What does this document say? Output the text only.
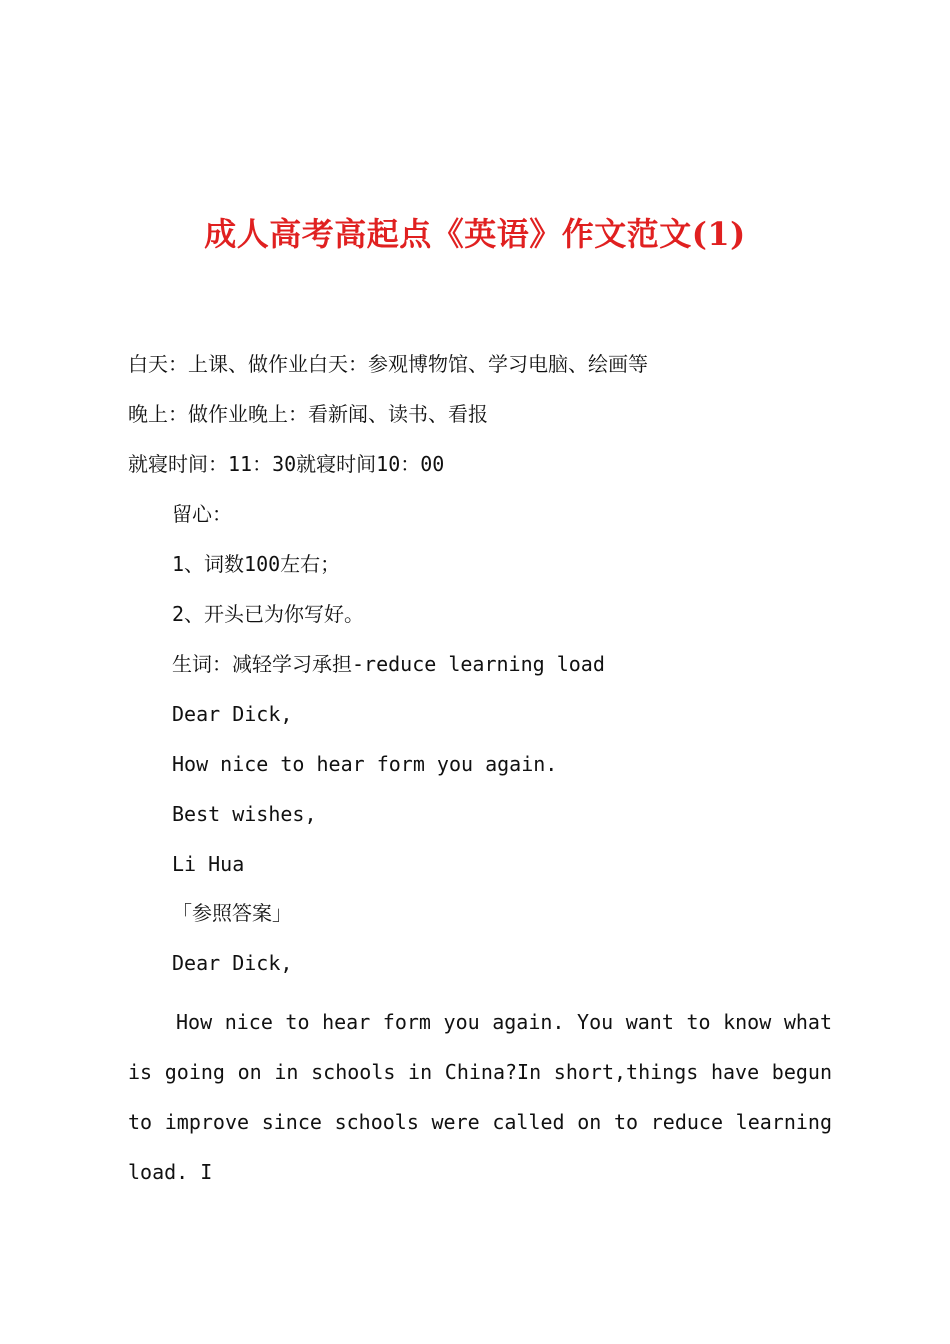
成人高考高起点《英语》作文范文(1)

白天：上课、做作业白天：参观博物馆、学习电脑、绘画等

晚上：做作业晚上：看新闻、读书、看报

就寝时间：11：30就寝时间10：00

留心：

1、词数100左右；

2、开头已为你写好。

生词：减轻学习承担-reduce learning load

Dear Dick,

How nice to hear form you again.

Best wishes,

Li Hua

「参照答案」

Dear Dick,

How nice to hear form you again. You want to know what is going on in schools in China?In short,things have begun to improve since schools were called on to reduce learning load. I
